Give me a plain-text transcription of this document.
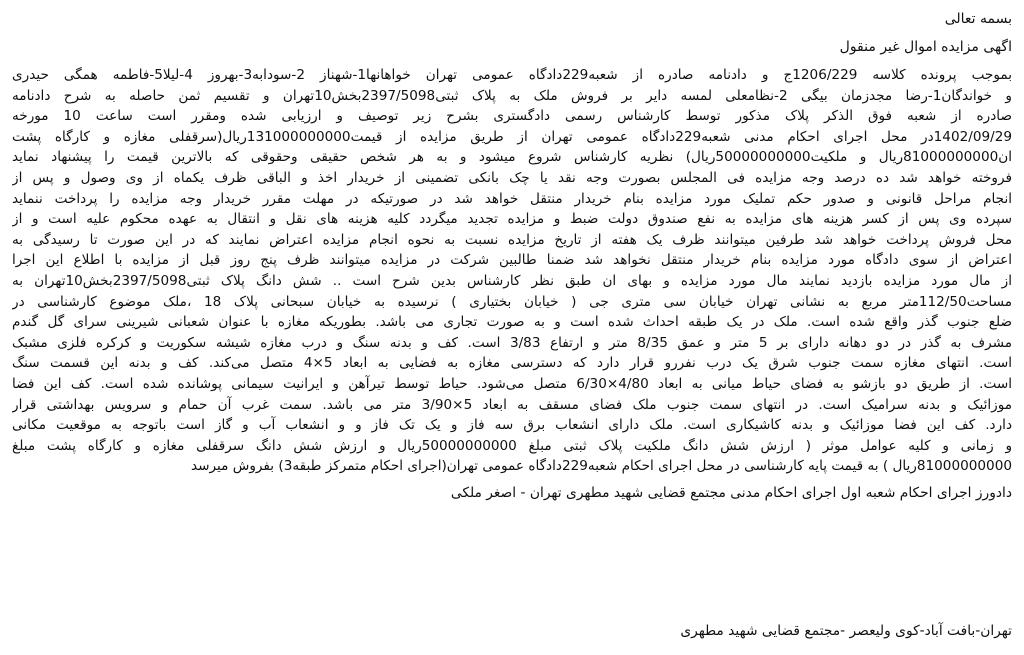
بسمه تعالی
اگهی مزایده اموال غیر منقول
بموجب پرونده کلاسه 1206/229ج و دادنامه صادره از شعبه229دادگاه عمومی تهران خواهانها1-شهناز 2-سودابه3-بهروز 4-لیلا5-فاطمه همگی حیدری
و خواندگان1-رضا مجدزمان بیگی 2-نظامعلی لمسه دایر بر فروش ملک به پلاک ثبتی2397/5098بخش10تهران و تقسیم ثمن حاصله به شرح دادنامه
صادره از شعبه فوق الذکر پلاک مذکور توسط کارشناس رسمی دادگستری بشرح زیر توصیف و ارزیابی شده ومقرر است ساعت 10 مورخه
1402/09/29در محل اجرای احکام مدنی شعبه229دادگاه عمومی تهران از طریق مزایده از قیمت131000000000ریال(سرقفلی مغازه و کارگاه پشت
ان81000000000ریال و ملکیت50000000000ریال) نظریه کارشناس شروع میشود و به هر شخص حقیقی وحقوقی که بالاترین قیمت را پیشنهاد نماید
فروخته خواهد شد ده درصد وجه مزایده فی المجلس بصورت وجه نقد یا چک بانکی تضمینی از خریدار اخذ و الباقی ظرف یکماه از وی وصول و پس از
انجام مراحل قانونی و صدور حکم تملیک مورد مزایده بنام خریدار منتقل خواهد شد در صورتیکه در مهلت مقرر خریدار وجه مزایده را پرداخت ننماید
سپرده وی پس از کسر هزینه های مزایده به نفع صندوق دولت ضبط و مزایده تجدید میگردد کلیه هزینه های نقل و انتقال به عهده محکوم علیه است و از
محل فروش پرداخت خواهد شد طرفین میتوانند ظرف یک هفته از تاریخ مزایده نسبت به نحوه انجام مزایده اعتراض نمایند که در این صورت تا رسیدگی به
اعتراض از سوی دادگاه مورد مزایده بنام خریدار منتقل نخواهد شد ضمنا طالبین شرکت در مزایده میتوانند ظرف پنج روز قبل از مزایده با اطلاع این اجرا
از مال مورد مزایده بازدید نمایند مال مورد مزایده و بهای ان طبق نظر کارشناس بدین شرح است .. شش دانگ پلاک ثبتی2397/5098بخش10تهران به
مساحت112/50متر مربع به نشانی تهران خیابان سی متری جی ( خیابان بختیاری ) نرسیده به خیابان سبحانی پلاک 18 ،ملک موضوع کارشناسی در
ضلع جنوب گذر واقع شده است. ملک در یک طبقه احداث شده است و به صورت تجاری می باشد. بطوریکه مغازه با عنوان شعبانی شیرینی سرای گل گندم
مشرف به گذر در دو دهانه دارای بر 5 متر و عمق 8/35 متر و ارتفاع 3/83 است. کف و بدنه سنگ و درب مغازه شیشه سکوریت و کرکره فلزی مشبک
است. انتهای مغازه سمت جنوب شرق یک درب نفررو قرار دارد که دسترسی مغازه به فضایی به ابعاد 5×4 متصل می‌کند. کف و بدنه این قسمت سنگ
است. از طریق دو بازشو به فضای حیاط میانی به ابعاد 4/80×6/30 متصل می‌شود. حیاط توسط تیرآهن و ایرانیت سیمانی پوشانده شده است. کف این فضا
موزائیک و بدنه سرامیک است. در انتهای سمت جنوب ملک فضای مسقف به ابعاد 5×3/90 متر می باشد. سمت غرب آن حمام و سرویس بهداشتی قرار
دارد. کف این فضا موزائیک و بدنه کاشیکاری است. ملک دارای انشعاب برق سه فاز و یک تک فاز و و انشعاب آب و گاز است باتوجه به موقعیت مکانی
و زمانی و کلیه عوامل موثر ( ارزش شش دانگ ملکیت پلاک ثبتی مبلغ 50000000000ریال و ارزش شش دانگ سرقفلی مغازه و کارگاه پشت مبلغ
81000000000ریال ) به قیمت پایه کارشناسی در محل اجرای احکام شعبه229دادگاه عمومی تهران(اجرای احکام متمرکز طبقه3) بفروش میرسد
دادورز اجرای احکام شعبه اول اجرای احکام مدنی مجتمع قضایی شهید مطهری تهران - اصغر ملکی
تهران-بافت آباد-کوی ولیعصر -مجتمع قضایی شهید مطهری
